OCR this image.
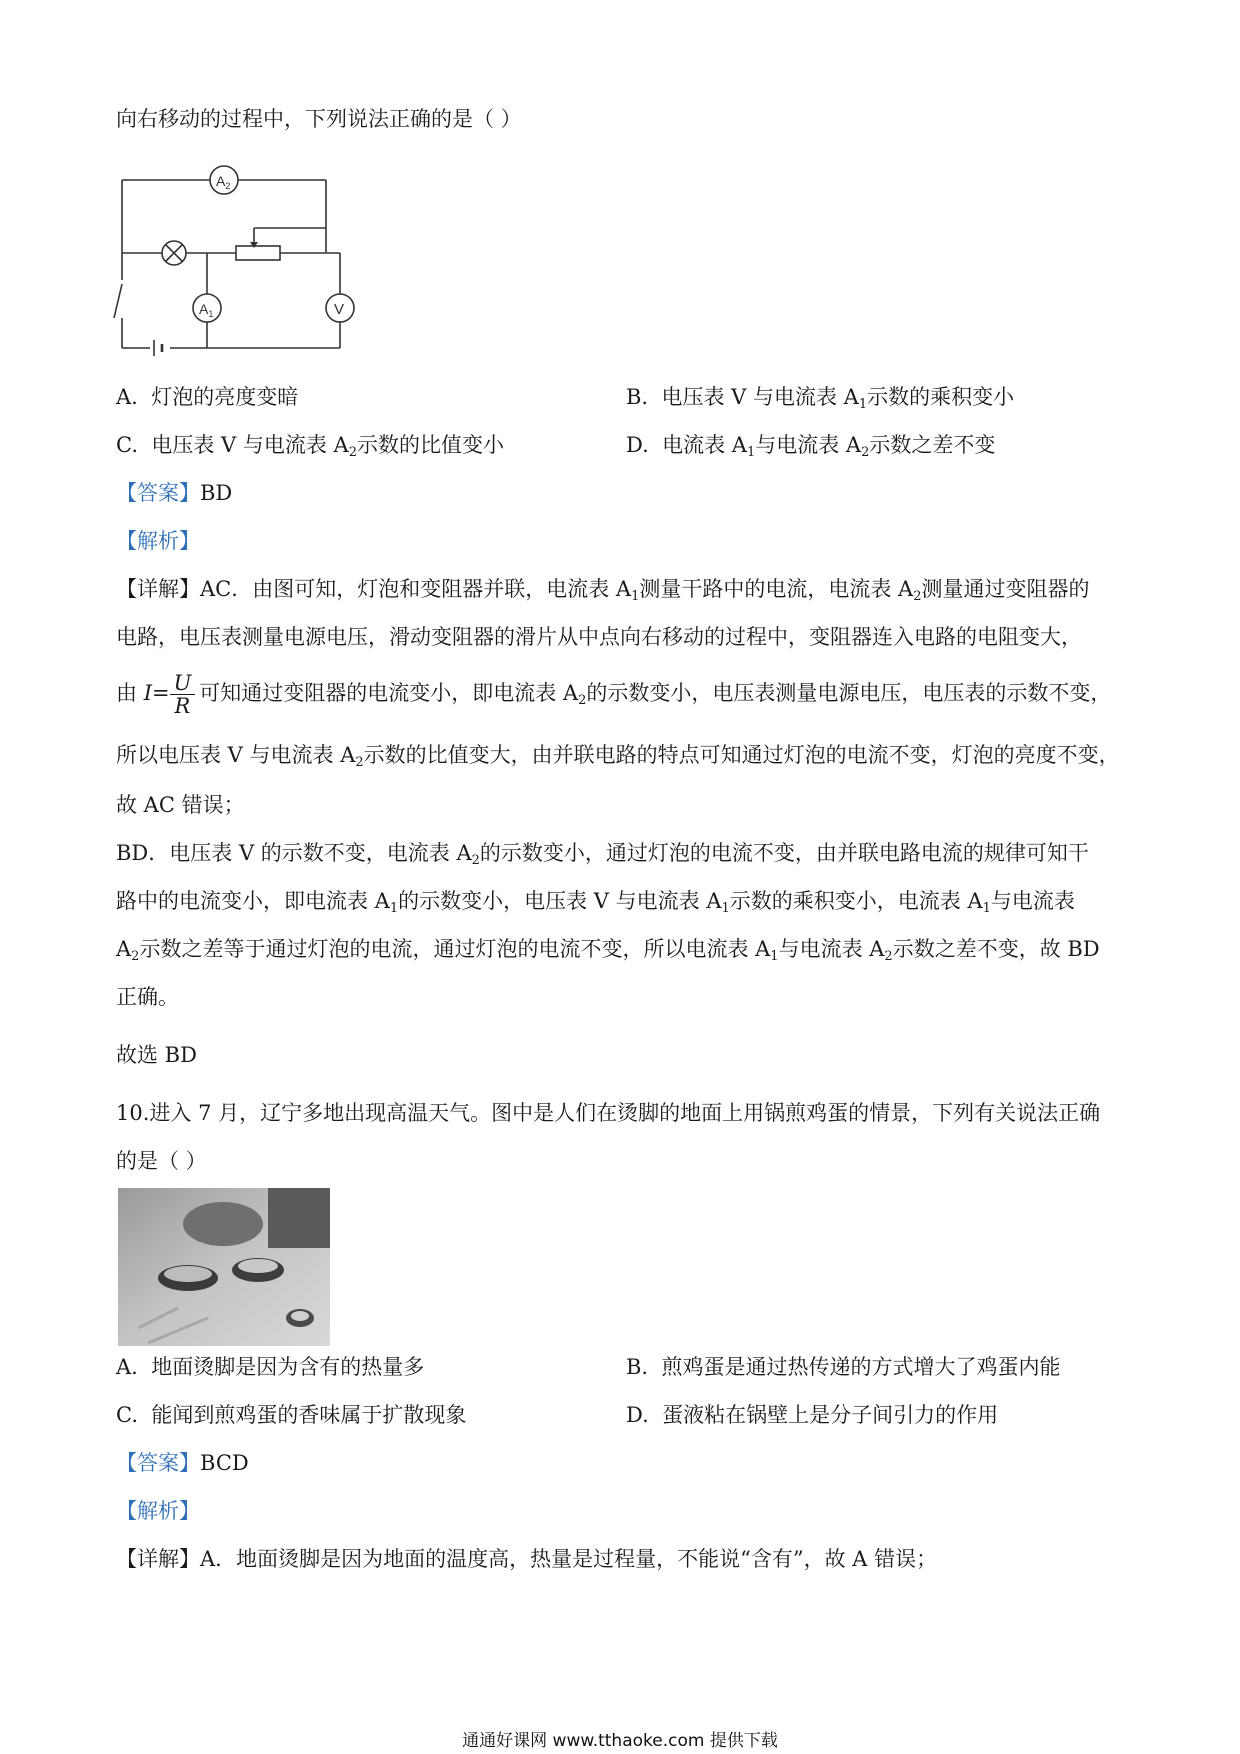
向右移动的过程中，下列说法正确的是（ ）
$A_2$
$A_1$	V
A. 灯泡的亮度变暗	B. 电压表 V 与电流表 $A_1$示数的乘积变小
C. 电压表 V 与电流表 $A_2$示数的比值变小	D. 电流表 $A_1$与电流表 $A_2$示数之差不变
【答案】BD
【解析】
【详解】AC．由图可知，灯泡和变阻器并联，电流表 $A_1$测量干路中的电流，电流表 $A_2$测量通过变阻器的
电路，电压表测量电源电压，滑动变阻器的滑片从中点向右移动的过程中，变阻器连入电路的电阻变大，
由 $I= \frac{U}{R}$ 可知通过变阻器的电流变小，即电流表 $A_2$的示数变小，电压表测量电源电压，电压表的示数不变，
所以电压表 V 与电流表 $A_2$示数的比值变大，由并联电路的特点可知通过灯泡的电流不变，灯泡的亮度不变，
故 AC 错误；
BD．电压表 V 的示数不变，电流表 $A_2$的示数变小，通过灯泡的电流不变，由并联电路电流的规律可知干
路中的电流变小，即电流表 $A_1$的示数变小，电压表 V 与电流表 $A_1$示数的乘积变小，电流表 $A_1$与电流表
$A_2$示数之差等于通过灯泡的电流，通过灯泡的电流不变，所以电流表 $A_1$与电流表 $A_2$示数之差不变，故 BD
正确。
故选 BD
10.进入 7 月，辽宁多地出现高温天气。图中是人们在烫脚的地面上用锅煎鸡蛋的情景，下列有关说法正确
的是（ ）
A. 地面烫脚是因为含有的热量多	B. 煎鸡蛋是通过热传递的方式增大了鸡蛋内能
C. 能闻到煎鸡蛋的香味属于扩散现象	D. 蛋液粘在锅壁上是分子间引力的作用
【答案】BCD
【解析】
【详解】A．地面烫脚是因为地面的温度高，热量是过程量，不能说“含有”，故 A 错误；
通通好课网 www.tthaoke.com 提供下载
